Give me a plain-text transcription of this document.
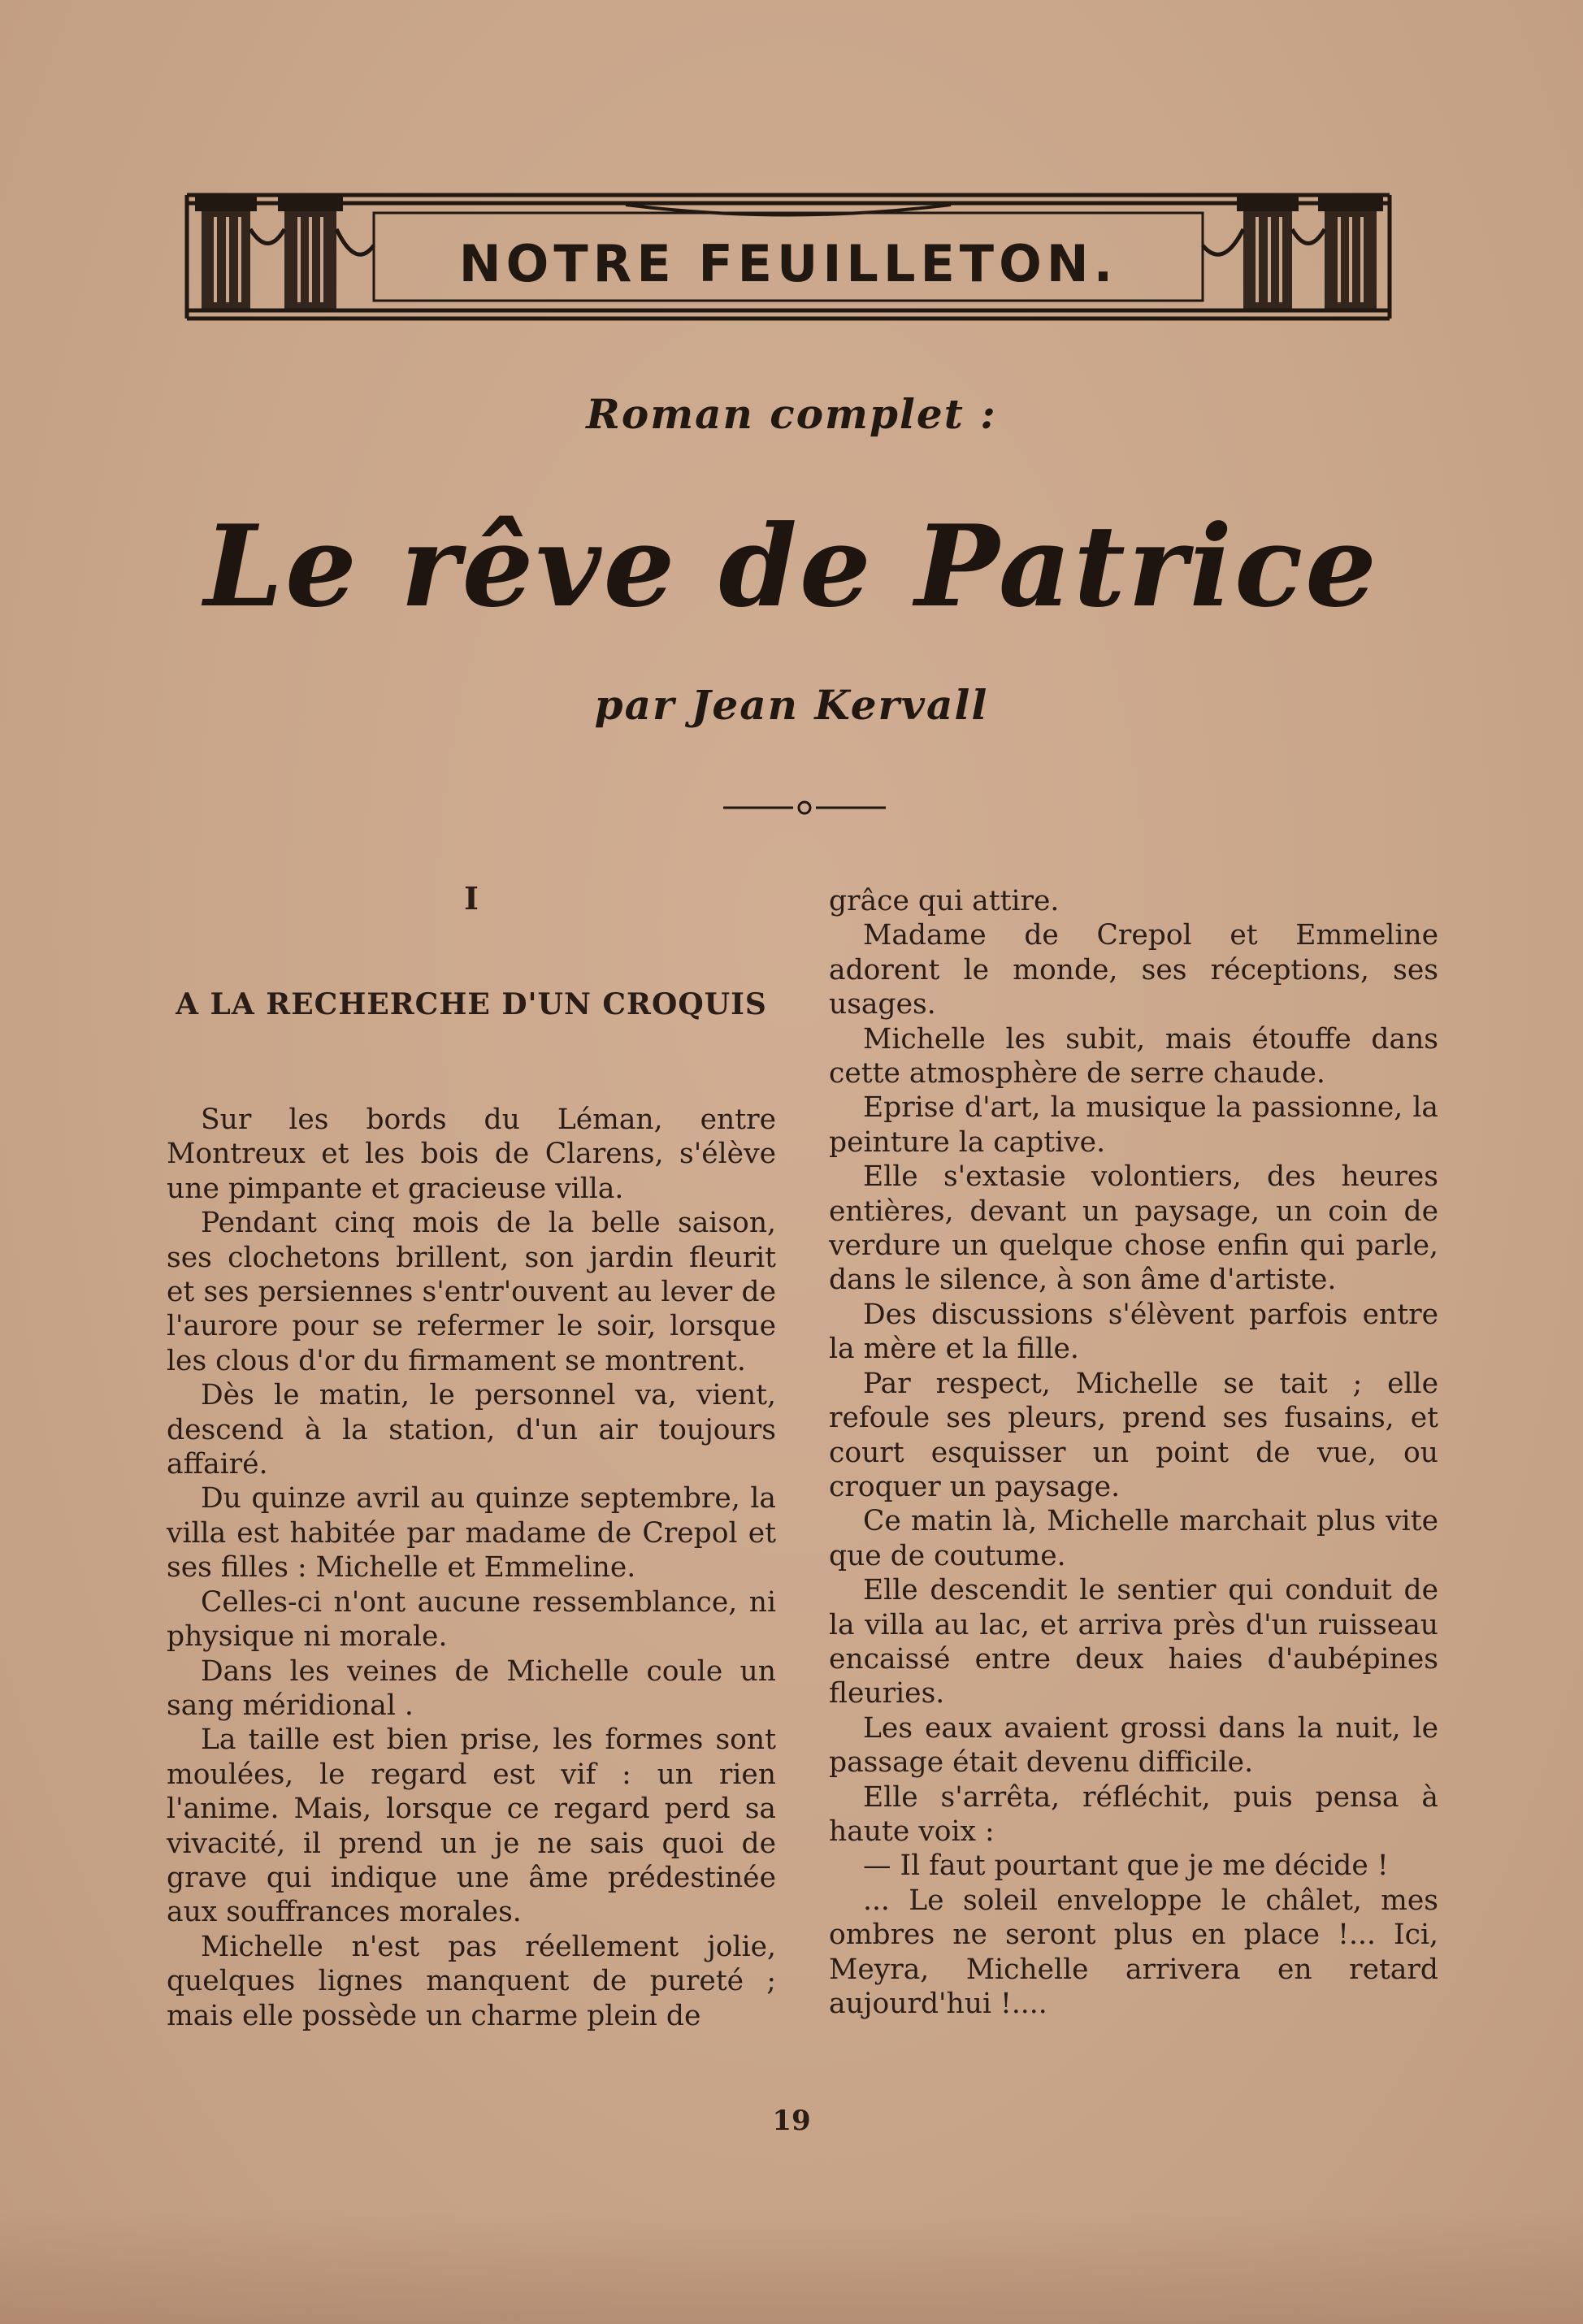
NOTRE FEUILLETON.
Roman complet :
Le rêve de Patrice
par Jean Kervall
I
A LA RECHERCHE D'UN CROQUIS

Sur les bords du Léman, entre Montreux et les bois de Clarens, s'élève une pimpante et gracieuse villa.

Pendant cinq mois de la belle saison, ses clochetons brillent, son jardin fleurit et ses persiennes s'entr'ouvent au lever de l'aurore pour se refermer le soir, lorsque les clous d'or du firmament se montrent.

Dès le matin, le personnel va, vient, descend à la station, d'un air toujours affairé.

Du quinze avril au quinze septembre, la villa est habitée par madame de Crepol et ses filles : Michelle et Emmeline.

Celles-ci n'ont aucune ressemblance, ni physique ni morale.

Dans les veines de Michelle coule un sang méridional .

La taille est bien prise, les formes sont moulées, le regard est vif : un rien l'anime. Mais, lorsque ce regard perd sa vivacité, il prend un je ne sais quoi de grave qui indique une âme prédestinée aux souffrances morales.

Michelle n'est pas réellement jolie, quelques lignes manquent de pureté ; mais elle possède un charme plein de

grâce qui attire.

Madame de Crepol et Emmeline adorent le monde, ses réceptions, ses usages.

Michelle les subit, mais étouffe dans cette atmosphère de serre chaude.

Eprise d'art, la musique la passionne, la peinture la captive.

Elle s'extasie volontiers, des heures entières, devant un paysage, un coin de verdure un quelque chose enfin qui parle, dans le silence, à son âme d'artiste.

Des discussions s'élèvent parfois entre la mère et la fille.

Par respect, Michelle se tait ; elle refoule ses pleurs, prend ses fusains, et court esquisser un point de vue, ou croquer un paysage.

Ce matin là, Michelle marchait plus vite que de coutume.

Elle descendit le sentier qui conduit de la villa au lac, et arriva près d'un ruisseau encaissé entre deux haies d'aubépines fleuries.

Les eaux avaient grossi dans la nuit, le passage était devenu difficile.

Elle s'arrêta, réfléchit, puis pensa à haute voix :

— Il faut pourtant que je me décide !

... Le soleil enveloppe le châlet, mes ombres ne seront plus en place !... Ici, Meyra, Michelle arrivera en retard aujourd'hui !....

19
